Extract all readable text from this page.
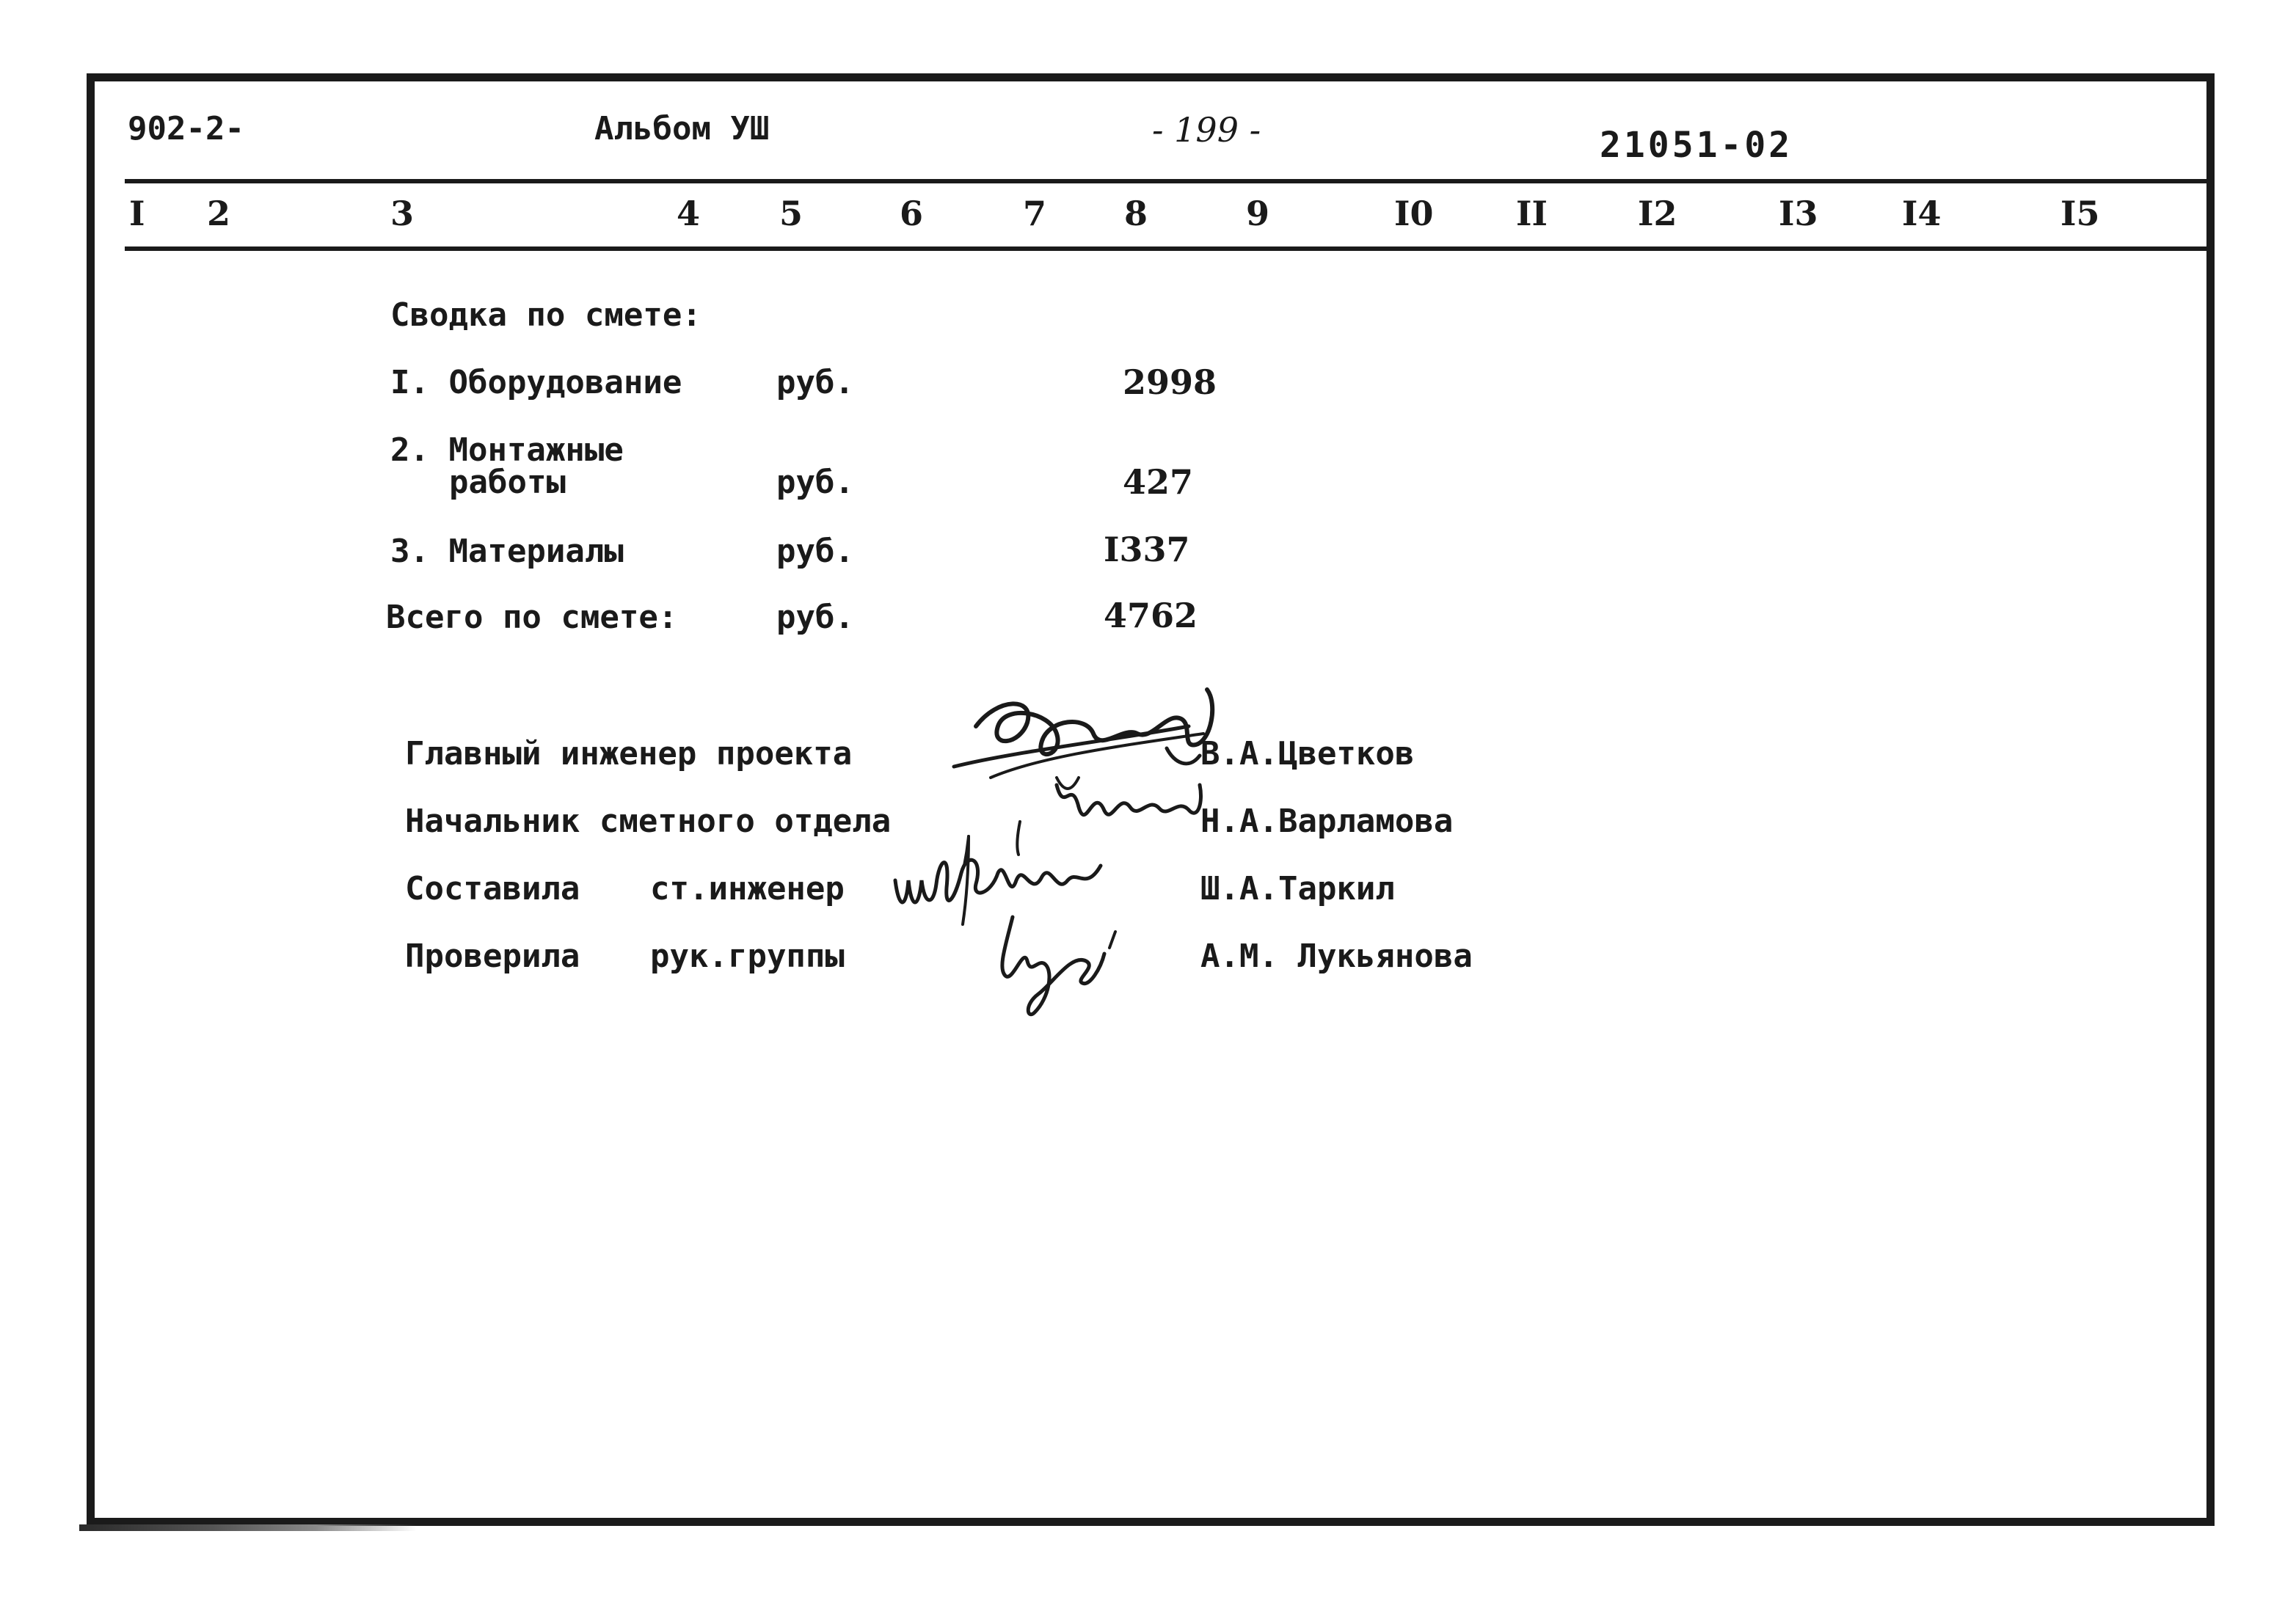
902-2-	Альбом УШ	- 199 -	21051-02
I 2	3	4 5	6	7 8	9	I0 II	I2	I3 I4	I5
Сводка по смете:
I. Оборудование	руб.	2998
2. Монтажные
работы	руб.	427
3. Материалы	руб.	I337
Всего по смете:	руб.	4762
Главный инженер проекта	В.А.Цветков
Начальник сметного отдела	Н.А.Варламова
Составила ст.инженер	Ш.А.Таркил
Проверила рук.группы	А.М. Лукьянова
